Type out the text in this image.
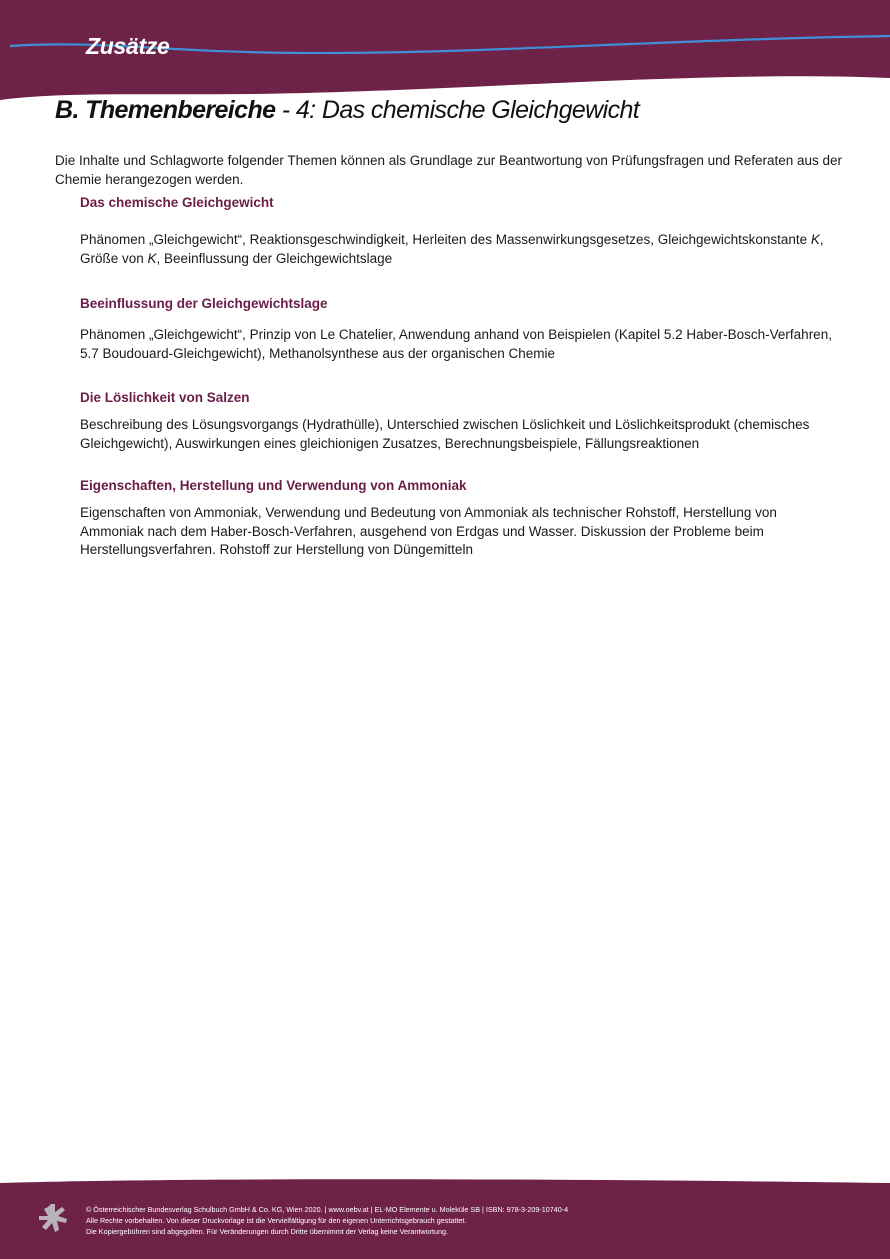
Zusätze
B. Themenbereiche - 4: Das chemische Gleichgewicht
Die Inhalte und Schlagworte folgender Themen können als Grundlage zur Beantwortung von Prüfungsfragen und Referaten aus der Chemie herangezogen werden.
Das chemische Gleichgewicht
Phänomen „Gleichgewicht“, Reaktionsgeschwindigkeit, Herleiten des Massenwirkungsgesetzes, Gleichgewichtskonstante K, Größe von K, Beeinflussung der Gleichgewichtslage
Beeinflussung der Gleichgewichtslage
Phänomen „Gleichgewicht“, Prinzip von Le Chatelier, Anwendung anhand von Beispielen (Kapitel 5.2 Haber-Bosch-Verfahren, 5.7 Boudouard-Gleichgewicht), Methanolsynthese aus der organischen Chemie
Die Löslichkeit von Salzen
Beschreibung des Lösungsvorgangs (Hydrathülle), Unterschied zwischen Löslichkeit und Löslichkeitsprodukt (chemisches Gleichgewicht), Auswirkungen eines gleichionigen Zusatzes, Berechnungsbeispiele, Fällungsreaktionen
Eigenschaften, Herstellung und Verwendung von Ammoniak
Eigenschaften von Ammoniak, Verwendung und Bedeutung von Ammoniak als technischer Rohstoff, Herstellung von Ammoniak nach dem Haber-Bosch-Verfahren, ausgehend von Erdgas und Wasser. Diskussion der Probleme beim Herstellungsverfahren. Rohstoff zur Herstellung von Düngemitteln
© Österreichischer Bundesverlag Schulbuch GmbH & Co. KG, Wien 2020. | www.oebv.at | EL-MO Elemente u. Moleküle SB | ISBN: 978-3-209-10740-4
Alle Rechte vorbehalten. Von dieser Druckvorlage ist die Vervielfältigung für den eigenen Unterrichtsgebrauch gestattet.
Die Kopiergebühren sind abgegolten. Für Veränderungen durch Dritte übernimmt der Verlag keine Verantwortung.
